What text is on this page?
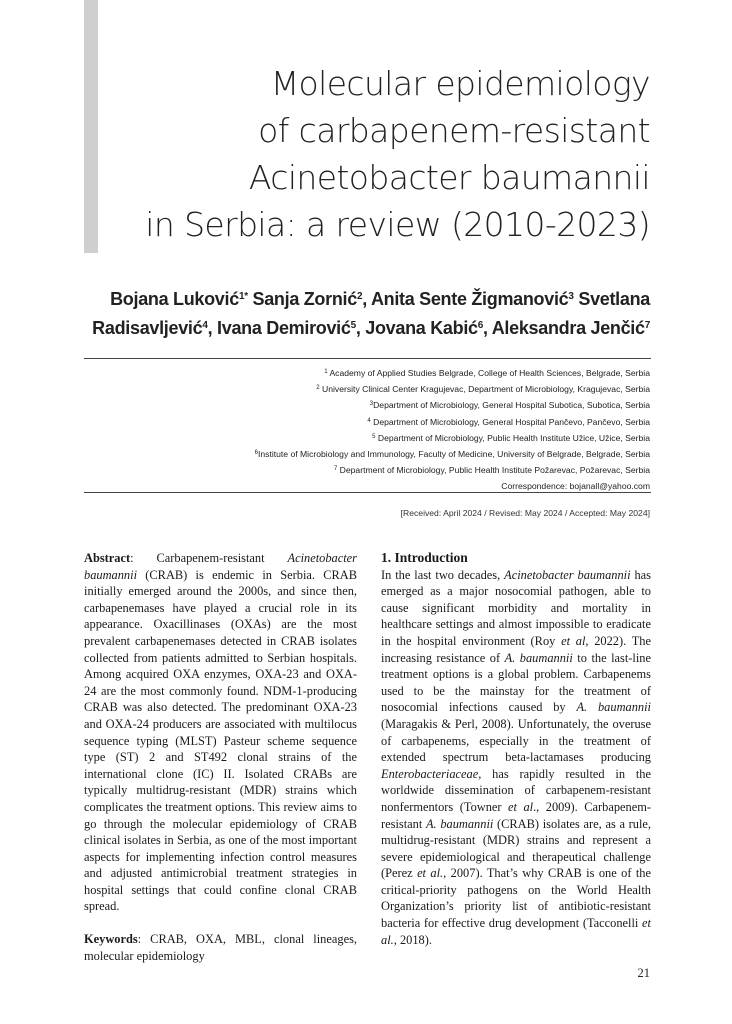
Molecular epidemiology
of carbapenem-resistant
Acinetobacter baumannii
in Serbia: a review (2010-2023)
Bojana Luković$^{1*}$ Sanja Zornić$^2$, Anita Sente Žigmanović$^3$ Svetlana
Radisavljević$^4$, Ivana Demirović$^5$, Jovana Kabić$^6$, Aleksandra Jenčić$^7$
$^1$ Academy of Applied Studies Belgrade, College of Health Sciences, Belgrade, Serbia
$^2$ University Clinical Center Kragujevac, Department of Microbiology, Kragujevac, Serbia
$^3$Department of Microbiology, General Hospital Subotica, Subotica, Serbia
$^4$ Department of Microbiology, General Hospital Pančevo, Pančevo, Serbia
$^5$ Department of Microbiology, Public Health Institute Užice, Užice, Serbia
$^6$Institute of Microbiology and Immunology, Faculty of Medicine, University of Belgrade, Belgrade, Serbia
$^7$ Department of Microbiology, Public Health Institute Požarevac, Požarevac, Serbia
Correspondence: bojanall@yahoo.com
[Received: April 2024 / Revised: May 2024 / Accepted: May 2024]

Abstract: Carbapenem-resistant Acinetobacter baumannii (CRAB) is endemic in Serbia. CRAB initially emerged around the 2000s, and since then, carbapenemases have played a crucial role in its appearance. Oxacillinases (OXAs) are the most prevalent carbapenemases detected in CRAB isolates collected from patients admitted to Serbian hospitals. Among acquired OXA enzymes, OXA-23 and OXA-24 are the most commonly found. NDM-1-producing CRAB was also detected. The predominant OXA-23 and OXA-24 producers are associated with multilocus sequence typing (MLST) Pasteur scheme sequence type (ST) 2 and ST492 clonal strains of the international clone (IC) II. Isolated CRABs are typically multidrug-resistant (MDR) strains which complicates the treatment options. This review aims to go through the molecular epidemiology of CRAB clinical isolates in Serbia, as one of the most important aspects for implementing infection control measures and adjusted antimicrobial treatment strategies in hospital settings that could confine clonal CRAB spread.

Keywords: CRAB, OXA, MBL, clonal lineages, molecular epidemiology

1. Introduction

In the last two decades, Acinetobacter baumannii has emerged as a major nosocomial pathogen, able to cause significant morbidity and mortality in healthcare settings and almost impossible to eradicate in the hospital environment (Roy et al, 2022). The increasing resistance of A. baumannii to the last-line treatment options is a global problem. Carbapenems used to be the mainstay for the treatment of nosocomial infections caused by A. baumannii (Maragakis & Perl, 2008). Unfortunately, the overuse of carbapenems, especially in the treatment of extended spectrum beta-lactamases producing Enterobacteriaceae, has rapidly resulted in the worldwide dissemination of carbapenem-resistant nonfermentors (Towner et al., 2009). Carbapenem-resistant A. baumannii (CRAB) isolates are, as a rule, multidrug-resistant (MDR) strains and represent a severe epidemiological and therapeutical challenge (Perez et al., 2007). That’s why CRAB is one of the critical-priority pathogens on the World Health Organization’s priority list of antibiotic-resistant bacteria for effective drug development (Tacconelli et al., 2018).

21
